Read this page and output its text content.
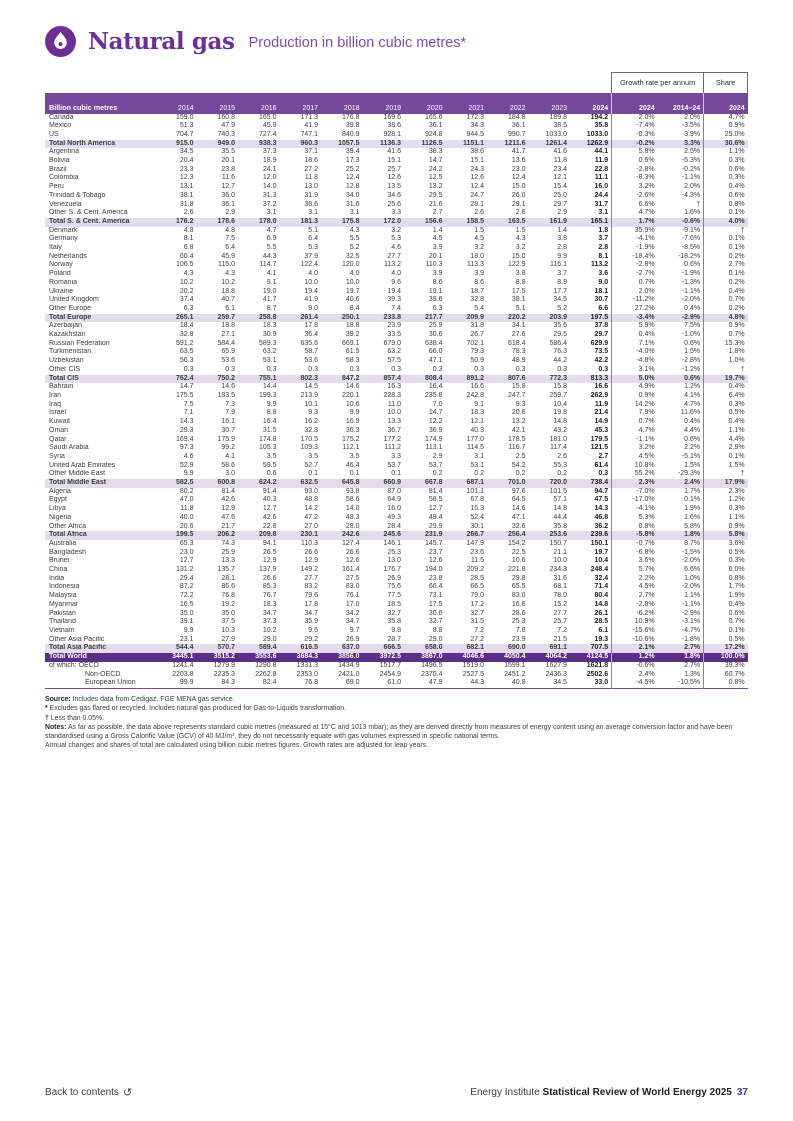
Natural gas Production in billion cubic metres*
												Growth rate per annum		Share
Billion cubic metres	2014	2015	2016	2017	2018	2019	2020	2021	2022	2023	2024	2024	2014–24	2024
Canada	159.0	160.8	165.0	171.3	176.8	169.6	165.6	172.3	184.8	189.8	194.2	2.0%	2.0%	4.7%
Mexico	51.3	47.9	45.9	41.9	39.8	38.6	36.1	34.3	36.1	38.5	35.8	-7.4%	-3.5%	0.9%
US	704.7	740.3	727.4	747.1	840.9	928.1	924.8	944.5	990.7	1033.0	1033.0	-0.3%	3.9%	25.0%
Total North America	915.0	949.0	938.3	960.3	1057.5	1136.3	1126.5	1151.1	1211.6	1261.4	1262.9	-0.2%	3.3%	30.6%
Argentina	34.5	35.5	37.3	37.1	39.4	41.6	38.3	38.6	41.7	41.6	44.1	5.8%	2.5%	1.1%
Bolivia	20.4	20.1	18.9	18.6	17.3	15.1	14.7	15.1	13.6	11.8	11.9	0.6%	-5.3%	0.3%
Brazil	23.3	23.8	24.1	27.2	25.2	25.7	24.2	24.3	23.0	23.4	22.8	-2.8%	-0.2%	0.6%
Colombia	12.3	11.6	12.0	11.8	12.4	12.6	12.5	12.6	12.4	12.1	11.1	-8.3%	-1.1%	0.3%
Peru	13.1	12.7	14.0	13.0	12.8	13.5	13.2	12.4	15.0	15.4	16.0	3.2%	2.0%	0.4%
Trinidad & Tobago	38.1	36.0	31.3	31.9	34.0	34.6	29.5	24.7	26.0	25.0	24.4	-2.6%	-4.3%	0.6%
Venezuela	31.8	36.1	37.2	38.6	31.6	25.6	21.6	28.1	29.1	29.7	31.7	6.6%	†	0.8%
Other S. & Cent. America	2.6	2.9	3.1	3.1	3.1	3.3	2.7	2.6	2.8	2.9	3.1	4.7%	1.6%	0.1%
Total S. & Cent. America	176.2	178.6	178.0	181.3	175.8	172.0	156.6	158.5	163.5	161.9	165.1	1.7%	-0.6%	4.0%
Denmark	4.8	4.8	4.7	5.1	4.3	3.2	1.4	1.5	1.5	1.4	1.8	35.9%	-9.1%	†
Germany	8.1	7.5	6.9	6.4	5.5	5.3	4.5	4.5	4.3	3.8	3.7	-4.1%	-7.6%	0.1%
Italy	6.8	6.4	5.5	5.3	5.2	4.6	3.9	3.2	3.2	2.8	2.8	-1.9%	-8.5%	0.1%
Netherlands	60.4	45.9	44.3	37.9	32.5	27.7	20.1	18.0	15.0	9.9	8.1	-18.4%	-18.2%	0.2%
Norway	106.5	115.0	114.7	122.4	120.0	113.2	110.3	113.3	122.9	116.1	113.2	-2.8%	0.6%	2.7%
Poland	4.3	4.3	4.1	4.0	4.0	4.0	3.9	3.9	3.8	3.7	3.6	-2.7%	-1.9%	0.1%
Romania	10.2	10.2	9.1	10.0	10.0	9.6	8.6	8.6	8.8	8.9	9.0	0.7%	-1.3%	0.2%
Ukraine	20.2	18.8	19.0	19.4	19.7	19.4	19.1	18.7	17.5	17.7	18.1	2.0%	-1.1%	0.4%
United Kingdom	37.4	40.7	41.7	41.9	40.6	39.3	39.6	32.8	38.1	34.5	30.7	-11.2%	-2.0%	0.7%
Other Europe	6.3	6.1	8.7	9.0	8.4	7.4	6.3	5.4	5.1	5.2	6.6	27.2%	0.4%	0.2%
Total Europe	265.1	259.7	258.8	261.4	250.1	233.8	217.7	209.9	220.2	203.9	197.5	-3.4%	-2.9%	4.8%
Azerbaijan	18.4	18.8	18.3	17.8	18.8	23.9	25.9	31.8	34.1	35.6	37.8	5.9%	7.5%	0.9%
Kazakhstan	32.8	27.1	30.9	36.4	39.2	33.5	30.6	26.7	27.6	29.5	29.7	0.4%	-1.0%	0.7%
Russian Federation	591.2	584.4	589.3	635.6	669.1	679.0	638.4	702.1	618.4	586.4	629.9	7.1%	0.6%	15.3%
Turkmenistan	63.5	65.9	63.2	58.7	61.5	63.2	66.0	79.3	78.3	76.3	73.5	-4.0%	1.5%	1.8%
Uzbekistan	56.3	53.6	53.1	53.6	58.3	57.5	47.1	50.9	48.9	44.2	42.2	-4.8%	-2.8%	1.0%
Other CIS	0.3	0.3	0.3	0.3	0.3	0.3	0.3	0.3	0.3	0.3	0.3	3.1%	-1.2%	†
Total CIS	762.4	750.2	755.1	802.3	847.2	857.4	808.4	891.2	807.6	772.3	813.3	5.0%	0.6%	19.7%
Bahrain	14.7	14.6	14.4	14.5	14.6	16.3	16.4	16.6	15.8	15.8	16.6	4.9%	1.2%	0.4%
Iran	175.5	183.5	199.3	213.9	220.1	228.3	235.8	242.8	247.7	259.7	262.9	0.9%	4.1%	6.4%
Iraq	7.5	7.3	9.9	10.1	10.6	11.0	7.0	9.1	9.3	10.4	11.9	14.2%	4.7%	0.3%
Israel	7.1	7.9	8.8	9.3	9.9	10.0	14.7	18.3	20.8	19.8	21.4	7.9%	11.6%	0.5%
Kuwait	14.3	16.1	16.4	16.2	16.9	13.3	12.2	12.1	13.2	14.8	14.9	0.7%	0.4%	0.4%
Oman	29.3	30.7	31.5	32.3	36.3	36.7	36.9	40.3	42.1	43.2	45.3	4.7%	4.4%	1.1%
Qatar	169.4	175.9	174.8	170.5	175.2	177.2	174.9	177.0	178.5	181.0	179.5	-1.1%	0.6%	4.4%
Saudi Arabia	97.3	99.2	105.3	109.3	112.1	111.2	113.1	114.5	116.7	117.4	121.5	3.2%	2.2%	2.9%
Syria	4.6	4.1	3.5	3.5	3.5	3.3	2.9	3.1	2.5	2.6	2.7	4.5%	-5.1%	0.1%
United Arab Emirates	52.9	58.6	59.5	52.7	46.4	53.7	53.7	53.1	54.2	55.3	61.4	10.8%	1.5%	1.5%
Other Middle East	9.9	3.0	0.6	0.1	0.1	0.1	0.2	0.2	0.2	0.2	0.3	55.2%	-29.3%	†
Total Middle East	582.5	600.8	624.2	632.5	645.8	660.9	667.8	687.1	701.0	720.0	738.4	2.3%	2.4%	17.9%
Algeria	80.2	81.4	91.4	93.0	93.8	87.0	81.4	101.1	97.6	101.5	94.7	-7.0%	1.7%	2.3%
Egypt	47.0	42.6	40.3	48.8	58.6	64.9	58.5	67.8	64.5	57.1	47.5	-17.0%	0.1%	1.2%
Libya	11.8	12.9	12.7	14.2	14.0	16.0	12.7	15.3	14.6	14.8	14.3	-4.1%	1.9%	0.3%
Nigeria	40.0	47.6	42.6	47.2	48.3	49.3	49.4	52.4	47.1	44.4	46.8	5.3%	1.6%	1.1%
Other Africa	20.6	21.7	22.8	27.0	28.0	28.4	29.9	30.1	32.6	35.8	36.2	0.8%	5.8%	0.9%
Total Africa	199.5	206.2	209.8	230.1	242.6	245.6	231.9	266.7	256.4	253.6	239.6	-5.8%	1.8%	5.8%
Australia	65.3	74.3	94.1	110.3	127.4	146.1	145.7	147.9	154.2	150.7	150.1	-0.7%	8.7%	3.6%
Bangladesh	23.0	25.9	26.5	26.6	26.6	25.3	23.7	23.6	22.5	21.1	19.7	-6.8%	-1.5%	0.5%
Brunei	12.7	13.3	12.9	12.9	12.6	13.0	12.6	11.5	10.6	10.0	10.4	3.6%	-2.0%	0.3%
China	131.2	135.7	137.9	149.2	161.4	176.7	194.0	209.2	221.8	234.3	248.4	5.7%	6.6%	6.0%
India	29.4	28.1	26.6	27.7	27.5	26.9	23.8	28.5	29.8	31.6	32.4	2.2%	1.0%	0.8%
Indonesia	87.2	86.6	85.3	83.2	83.0	75.6	66.4	66.5	65.5	68.1	71.4	4.5%	-2.0%	1.7%
Malaysia	72.2	76.8	76.7	79.6	76.1	77.5	73.1	79.0	83.0	78.0	80.4	2.7%	1.1%	1.9%
Myanmar	16.5	19.2	18.3	17.8	17.0	18.5	17.5	17.2	16.8	15.2	14.8	-2.8%	-1.1%	0.4%
Pakistan	35.0	35.0	34.7	34.7	34.2	32.7	30.6	32.7	28.6	27.7	26.1	-6.2%	-2.9%	0.6%
Thailand	39.1	37.5	37.3	35.9	34.7	35.8	32.7	31.5	25.3	25.7	28.5	10.9%	-3.1%	0.7%
Vietnam	9.9	10.3	10.2	9.5	9.7	9.8	8.8	7.2	7.8	7.2	6.1	-15.6%	-4.7%	0.1%
Other Asia Pacific	23.1	27.9	29.0	29.2	26.9	28.7	29.0	27.2	23.9	21.5	19.3	-10.6%	-1.8%	0.5%
Total Asia Pacific	544.4	570.7	589.4	616.5	637.0	666.5	658.0	682.1	690.0	691.1	707.5	2.1%	2.7%	17.2%
Total World	3445.1	3515.2	3553.6	3684.3	3856.0	3972.5	3867.0	4046.6	4050.4	4064.2	4124.5	1.2%	1.8%	100.0%
of which: OECD	1241.4	1279.9	1290.8	1331.3	1434.9	1517.7	1496.5	1519.0	1599.1	1627.9	1621.8	-0.6%	2.7%	39.3%
Non-OECD	2203.8	2235.3	2262.8	2353.0	2421.0	2454.9	2370.4	2527.5	2451.2	2436.3	2502.6	2.4%	1.3%	60.7%
European Union	99.9	84.3	82.4	76.8	69.0	61.0	47.9	44.3	40.8	34.5	33.0	-4.5%	-10.5%	0.8%
Source: Includes data from Cedigaz. FGE MENA gas service.
* Excludes gas flared or recycled. Includes natural gas produced for Gas-to-Liquids transformation.
† Less than 0.05%.
Notes: As far as possible, the data above represents standard cubic metres (measured at 15°C and 1013 mbar); as they are derived directly from measures of energy content using an average conversion factor and have been standardised using a Gross Calorific Value (GCV) of 40 MJ/m³, they do not necessarily equate with gas volumes expressed in specific national terms.
Annual changes and shares of total are calculated using billion cubic metres figures. Growth rates are adjusted for leap years.
Back to contents ↺	Energy Institute Statistical Review of World Energy 2025 37
